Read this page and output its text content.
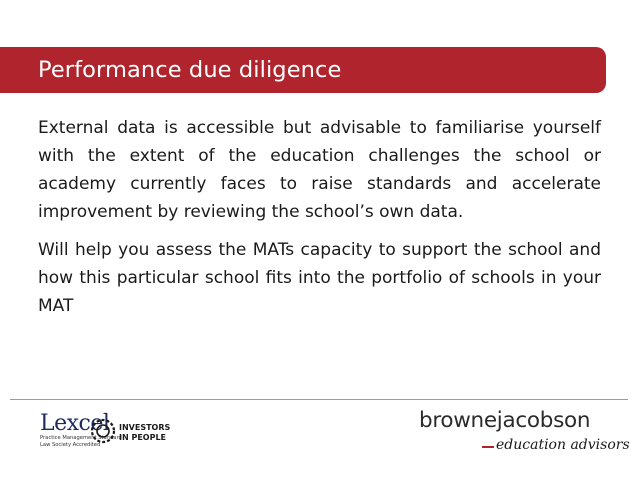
Performance due diligence

External data is accessible but advisable to familiarise yourself with the extent of the education challenges the school or academy currently faces to raise standards and accelerate improvement by reviewing the school’s own data.

Will help you assess the MATs capacity to support the school and how this particular school fits into the portfolio of schools in your MAT

Lexcel
Practice Management Standard
Law Society Accredited
INVESTORS
IN PEOPLE
brownejacobson
education advisors
